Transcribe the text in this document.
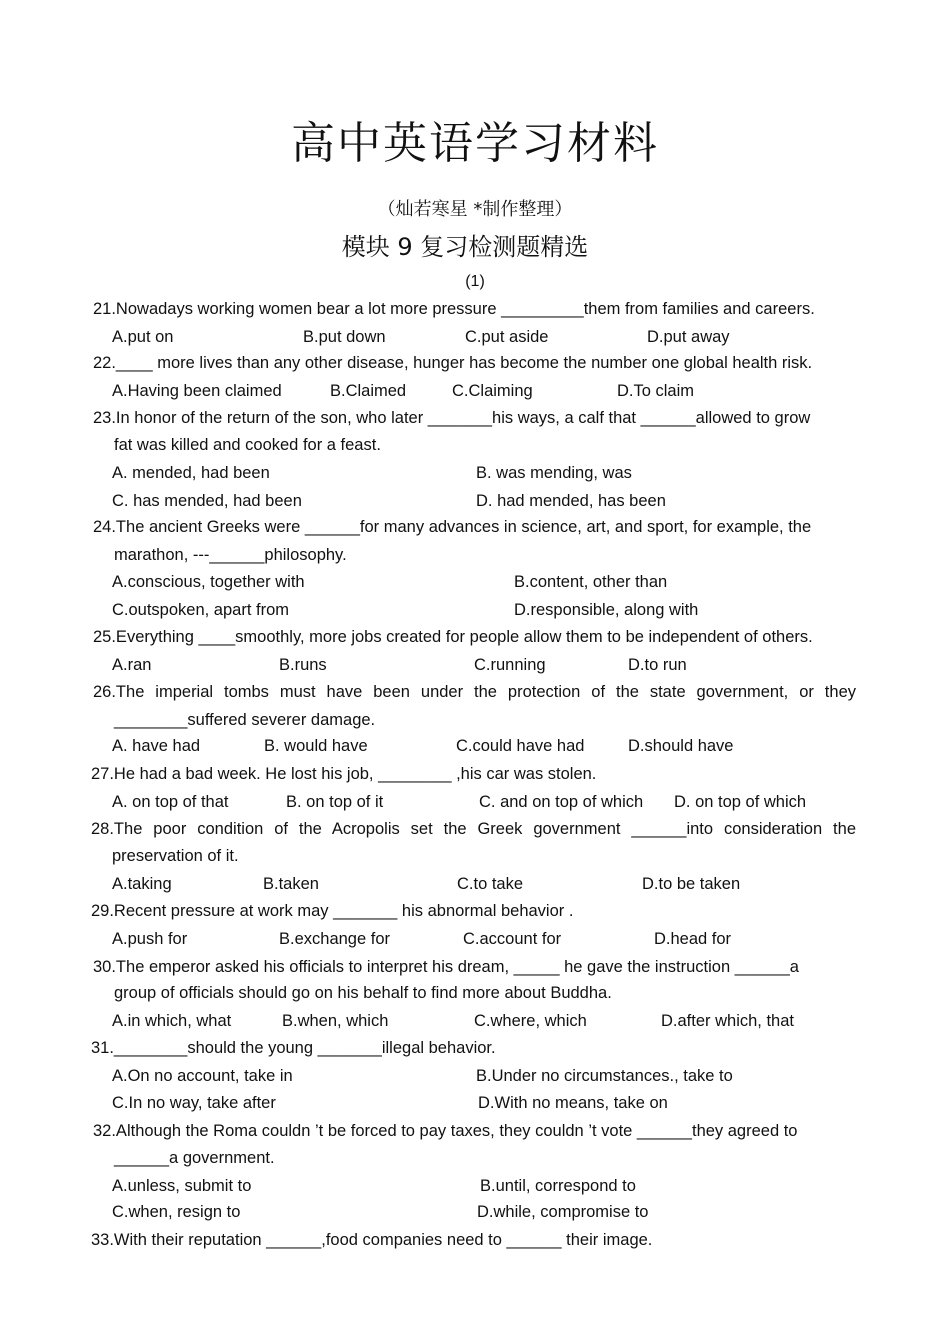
高中英语学习材料
（灿若寒星 *制作整理）
模块 9 复习检测题精选
(1)
21.Nowadays working women bear a lot more pressure _________them from families and careers.
A.put on	B.put down	C.put aside	D.put away
22.____ more lives than any other disease, hunger has become the number one global health risk.
A.Having been claimed	B.Claimed	C.Claiming	D.To claim
23.In honor of the return of the son, who later _______his ways, a calf that ______allowed to grow
fat was killed and cooked for a feast.
A. mended, had been	B. was mending, was
C. has mended, had been	D. had mended, has been
24.The ancient Greeks were ______for many advances in science, art, and sport, for example, the
marathon, ---______philosophy.
A.conscious, together with	B.content, other than
C.outspoken, apart from	D.responsible, along with
25.Everything ____smoothly, more jobs created for people allow them to be independent of others.
A.ran	B.runs	C.running	D.to run
26.The imperial tombs must have been under the protection of the state government, or they
________suffered severer damage.
A. have had	B. would have	C.could have had	D.should have
27.He had a bad week. He lost his job, ________ ,his car was stolen.
A. on top of that	B. on top of it	C. and on top of which D. on top of which
28.The poor condition of the Acropolis set the Greek government ______into consideration the
preservation of it.
A.taking	B.taken	C.to take	D.to be taken
29.Recent pressure at work may _______ his abnormal behavior .
A.push for	B.exchange for	C.account for	D.head for
30.The emperor asked his officials to interpret his dream, _____ he gave the instruction ______a
group of officials should go on his behalf to find more about Buddha.
A.in which, what	B.when, which	C.where, which	D.after which, that
31.________should the young _______illegal behavior.
A.On no account, take in	B.Under no circumstances., take to
C.In no way, take after	D.With no means, take on
32.Although the Roma couldn ’t be forced to pay taxes, they couldn ’t vote ______they agreed to
______a government.
A.unless, submit to	B.until, correspond to
C.when, resign to	D.while, compromise to
33.With their reputation ______,food companies need to ______ their image.
